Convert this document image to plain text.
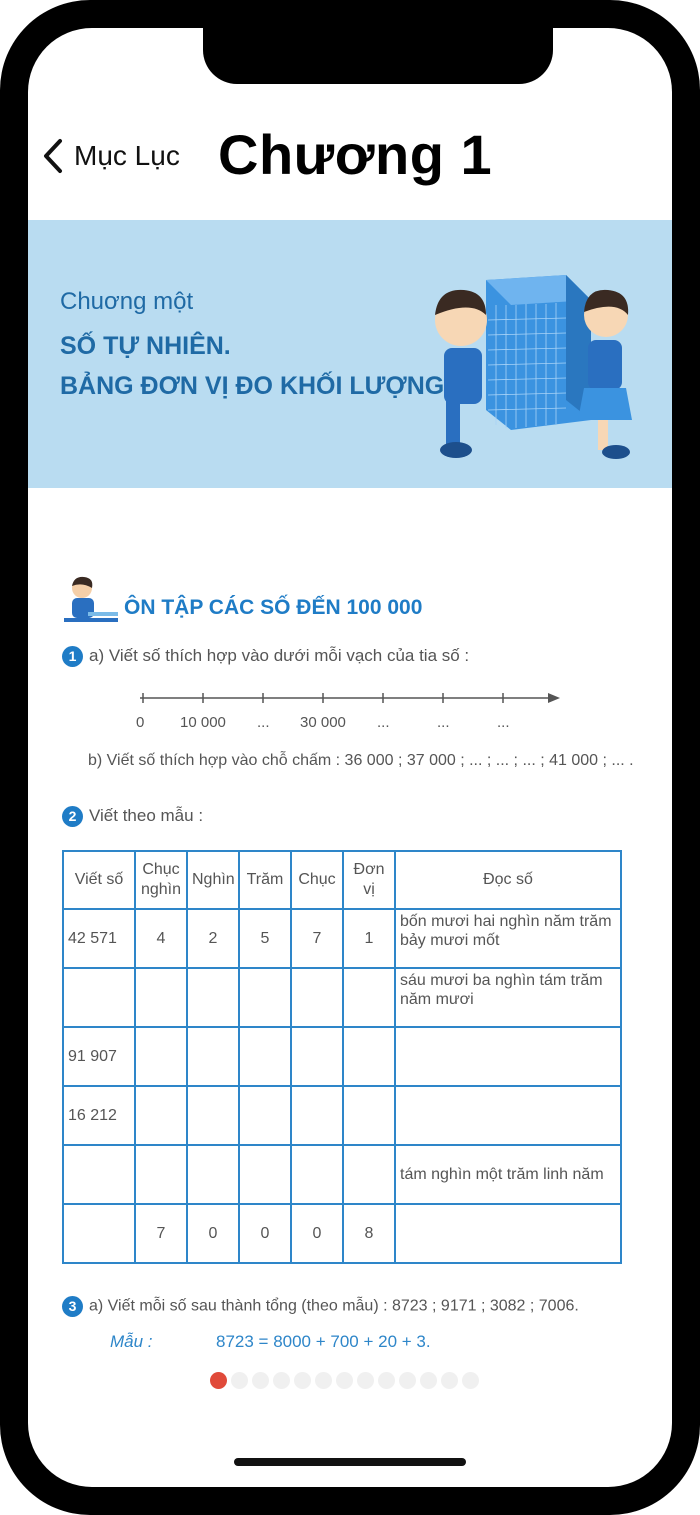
Mục Lục Chương 1
Chuơng một
SỐ TỰ NHIÊN.
BẢNG ĐƠN VỊ ĐO KHỐI LƯỢNG
ÔN TẬP CÁC SỐ ĐẾN 100 000
1 a) Viết số thích hợp vào dưới mỗi vạch của tia số :
0 10 000 ... 30 000 ...	...	...
b) Viết số thích hợp vào chỗ chấm : 36 000 ; 37 000 ; ... ; ... ; ... ; 41 000 ; ... .
2 Viết theo mẫu :
Viết số	Chục nghìn	Nghìn	Trăm	Chục	Đơn vị	Đọc số
42 571	4	2	5	7	1	bốn mươi hai nghìn năm trăm bảy mươi mốt
						sáu mươi ba nghìn tám trăm năm mươi
91 907						
16 212						
						tám nghìn một trăm linh năm
	7	0	0	0	8	
3 a) Viết mỗi số sau thành tổng (theo mẫu) : 8723 ; 9171 ; 3082 ; 7006.
Mẫu :	8723 = 8000 + 700 + 20 + 3.
